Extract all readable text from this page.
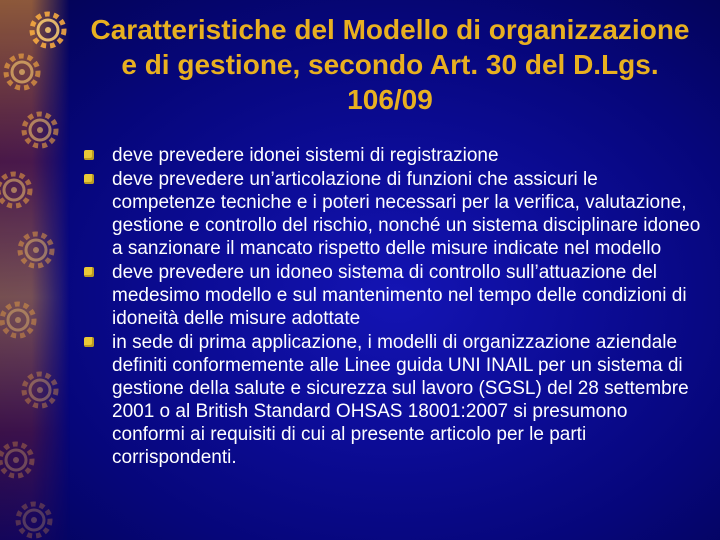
Caratteristiche del Modello di organizzazione e di gestione, secondo Art. 30 del D.Lgs. 106/09
deve prevedere idonei sistemi di registrazione
deve prevedere un’articolazione di funzioni che assicuri le competenze tecniche e i poteri necessari per la verifica, valutazione, gestione e controllo del rischio, nonché un sistema disciplinare idoneo a sanzionare il mancato rispetto delle misure indicate nel modello
deve prevedere un idoneo sistema di controllo sull’attuazione del medesimo modello e sul mantenimento nel tempo delle condizioni di idoneità delle misure adottate
in sede di prima applicazione, i modelli di organizzazione aziendale definiti conformemente alle Linee guida UNI INAIL per un sistema di gestione della salute e sicurezza sul lavoro (SGSL) del 28 settembre 2001 o al British Standard OHSAS 18001:2007 si presumono conformi ai requisiti di cui al presente articolo per le parti corrispondenti.
